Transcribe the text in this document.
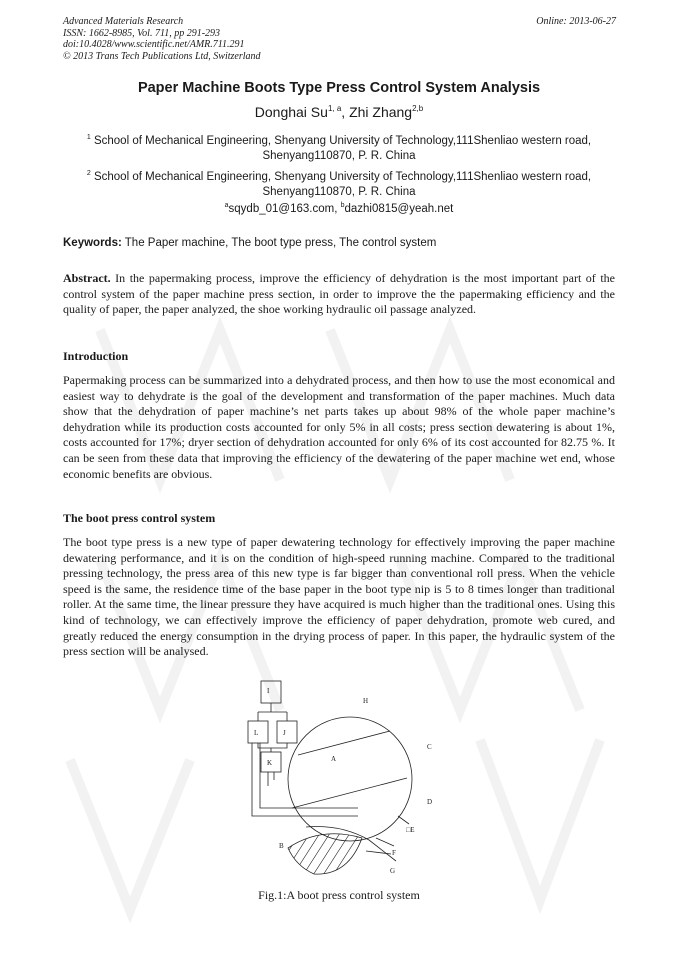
Advanced Materials Research
ISSN: 1662-8985, Vol. 711, pp 291-293
doi:10.4028/www.scientific.net/AMR.711.291
© 2013 Trans Tech Publications Ltd, Switzerland
Online: 2013-06-27
Paper Machine Boots Type Press Control System Analysis
Donghai Su$^{1, a}$, Zhi Zhang$^{2,b}$
$^1$ School of Mechanical Engineering, Shenyang University of Technology,111Shenliao western road, Shenyang110870, P. R. China
$^2$ School of Mechanical Engineering, Shenyang University of Technology,111Shenliao western road, Shenyang110870, P. R. China
$^a$sqydb_01@163.com, $^b$dazhi0815@yeah.net
Keywords: The Paper machine, The boot type press, The control system
Abstract. In the papermaking process, improve the efficiency of dehydration is the most important part of the control system of the paper machine press section, in order to improve the the papermaking efficiency and the quality of paper, the paper analyzed, the shoe working hydraulic oil passage analyzed.
Introduction
Papermaking process can be summarized into a dehydrated process, and then how to use the most economical and easiest way to dehydrate is the goal of the development and transformation of the paper machines. Much data show that the dehydration of paper machine’s net parts takes up about 98% of the whole paper machine’s dehydration while its production costs accounted for only 5% in all costs; press section dewatering is about 1%, costs accounted for 17%; dryer section of dehydration accounted for only 6% of its cost accounted for 82.75 %. It can be seen from these data that improving the efficiency of the dewatering of the paper machine wet end, whose economic benefits are obvious.
The boot press control system
The boot type press is a new type of paper dewatering technology for effectively improving the paper machine dewatering performance, and it is on the condition of high-speed running machine. Compared to the traditional pressing technology, the press area of this new type is far bigger than conventional roll press. When the vehicle speed is the same, the residence time of the base paper in the boot type nip is 5 to 8 times longer than traditional roller. At the same time, the linear pressure they have acquired is much higher than the traditional ones. Using this kind of technology, we can effectively improve the efficiency of paper dehydration, promote web cured, and greatly reduced the energy consumption in the drying process of paper. In this paper, the hydraulic system of the press section will be analysed.
I
L	J
K
H
A
C
D
□E
B
F
G
Fig.1:A boot press control system
